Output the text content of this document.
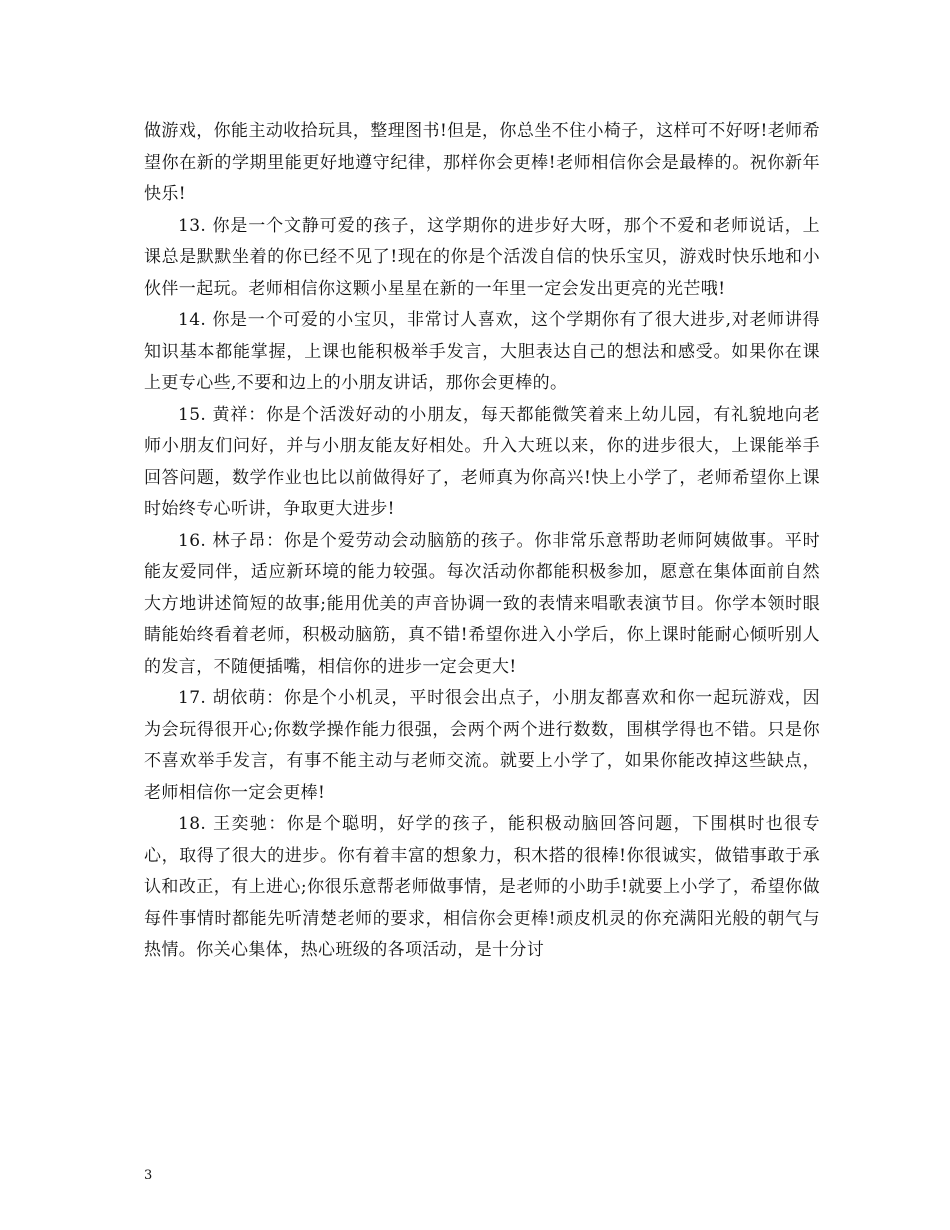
做游戏，你能主动收拾玩具，整理图书!但是，你总坐不住小椅子，这样可不好呀!老师希望你在新的学期里能更好地遵守纪律，那样你会更棒!老师相信你会是最棒的。祝你新年快乐!

13. 你是一个文静可爱的孩子，这学期你的进步好大呀，那个不爱和老师说话，上课总是默默坐着的你已经不见了!现在的你是个活泼自信的快乐宝贝，游戏时快乐地和小伙伴一起玩。老师相信你这颗小星星在新的一年里一定会发出更亮的光芒哦!

14. 你是一个可爱的小宝贝，非常讨人喜欢，这个学期你有了很大进步,对老师讲得知识基本都能掌握，上课也能积极举手发言，大胆表达自己的想法和感受。如果你在课上更专心些,不要和边上的小朋友讲话，那你会更棒的。

15. 黄祥：你是个活泼好动的小朋友，每天都能微笑着来上幼儿园，有礼貌地向老师小朋友们问好，并与小朋友能友好相处。升入大班以来，你的进步很大，上课能举手回答问题，数学作业也比以前做得好了，老师真为你高兴!快上小学了，老师希望你上课时始终专心听讲，争取更大进步!

16. 林子昂：你是个爱劳动会动脑筋的孩子。你非常乐意帮助老师阿姨做事。平时能友爱同伴，适应新环境的能力较强。每次活动你都能积极参加，愿意在集体面前自然大方地讲述简短的故事;能用优美的声音协调一致的表情来唱歌表演节目。你学本领时眼睛能始终看着老师，积极动脑筋，真不错!希望你进入小学后，你上课时能耐心倾听别人的发言，不随便插嘴，相信你的进步一定会更大!

17. 胡依萌：你是个小机灵，平时很会出点子，小朋友都喜欢和你一起玩游戏，因为会玩得很开心;你数学操作能力很强，会两个两个进行数数，围棋学得也不错。只是你不喜欢举手发言，有事不能主动与老师交流。就要上小学了，如果你能改掉这些缺点，老师相信你一定会更棒!

18. 王奕驰：你是个聪明，好学的孩子，能积极动脑回答问题，下围棋时也很专心，取得了很大的进步。你有着丰富的想象力，积木搭的很棒!你很诚实，做错事敢于承认和改正，有上进心;你很乐意帮老师做事情，是老师的小助手!就要上小学了，希望你做每件事情时都能先听清楚老师的要求，相信你会更棒!顽皮机灵的你充满阳光般的朝气与热情。你关心集体，热心班级的各项活动，是十分讨

3
